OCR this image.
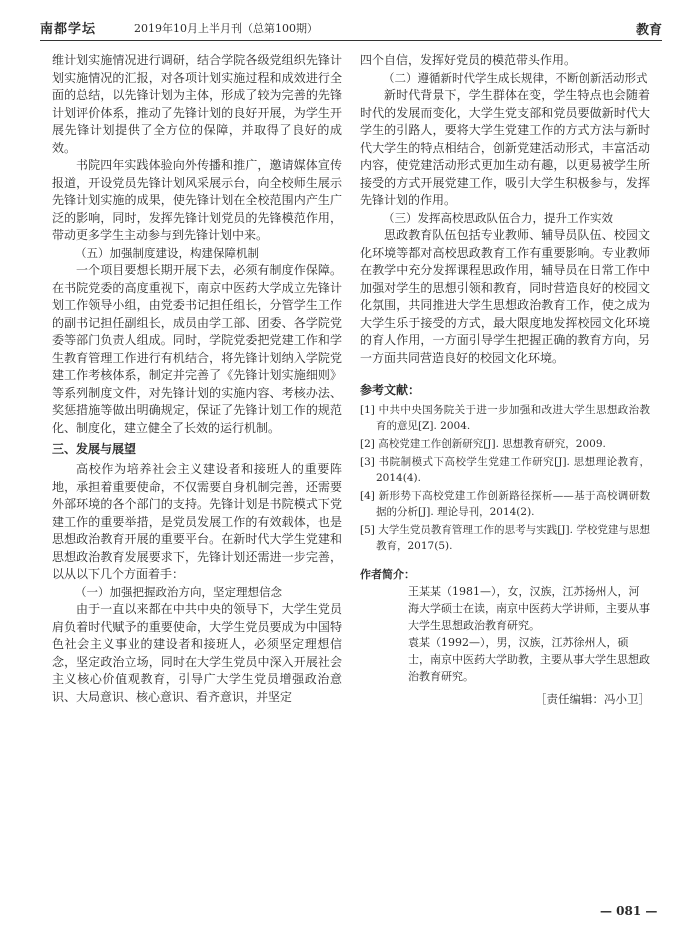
南都学坛	2019年10月上半月刊（总第100期）	教育

维计划实施情况进行调研，结合学院各级党组织先锋计划实施情况的汇报，对各项计划实施过程和成效进行全面的总结，以先锋计划为主体，形成了较为完善的先锋计划评价体系，推动了先锋计划的良好开展，为学生开展先锋计划提供了全方位的保障，并取得了良好的成效。

书院四年实践体验向外传播和推广，邀请媒体宣传报道，开设党员先锋计划风采展示台，向全校师生展示先锋计划实施的成果，使先锋计划在全校范围内产生广泛的影响，同时，发挥先锋计划党员的先锋模范作用，带动更多学生主动参与到先锋计划中来。

（五）加强制度建设，构建保障机制

一个项目要想长期开展下去，必须有制度作保障。在书院党委的高度重视下，南京中医药大学成立先锋计划工作领导小组，由党委书记担任组长，分管学生工作的副书记担任副组长，成员由学工部、团委、各学院党委等部门负责人组成。同时，学院党委把党建工作和学生教育管理工作进行有机结合，将先锋计划纳入学院党建工作考核体系，制定并完善了《先锋计划实施细则》等系列制度文件，对先锋计划的实施内容、考核办法、奖惩措施等做出明确规定，保证了先锋计划工作的规范化、制度化，建立健全了长效的运行机制。

三、发展与展望

高校作为培养社会主义建设者和接班人的重要阵地，承担着重要使命，不仅需要自身机制完善，还需要外部环境的各个部门的支持。先锋计划是书院模式下党建工作的重要举措，是党员发展工作的有效载体，也是思想政治教育开展的重要平台。在新时代大学生党建和思想政治教育发展要求下，先锋计划还需进一步完善，以从以下几个方面着手：

（一）加强把握政治方向，坚定理想信念

由于一直以来都在中共中央的领导下，大学生党员肩负着时代赋予的重要使命，大学生党员要成为中国特色社会主义事业的建设者和接班人，必须坚定理想信念，坚定政治立场，同时在大学生党员中深入开展社会主义核心价值观教育，引导广大学生党员增强政治意识、大局意识、核心意识、看齐意识，并坚定

四个自信，发挥好党员的模范带头作用。

（二）遵循新时代学生成长规律，不断创新活动形式

新时代背景下，学生群体在变，学生特点也会随着时代的发展而变化，大学生党支部和党员要做新时代大学生的引路人，要将大学生党建工作的方式方法与新时代大学生的特点相结合，创新党建活动形式，丰富活动内容，使党建活动形式更加生动有趣，以更易被学生所接受的方式开展党建工作，吸引大学生积极参与，发挥先锋计划的作用。

（三）发挥高校思政队伍合力，提升工作实效

思政教育队伍包括专业教师、辅导员队伍、校园文化环境等都对高校思政教育工作有重要影响。专业教师在教学中充分发挥课程思政作用，辅导员在日常工作中加强对学生的思想引领和教育，同时营造良好的校园文化氛围，共同推进大学生思想政治教育工作，使之成为大学生乐于接受的方式，最大限度地发挥校园文化环境的育人作用，一方面引导学生把握正确的教育方向，另一方面共同营造良好的校园文化环境。

参考文献：

[1] 中共中央国务院关于进一步加强和改进大学生思想政治教育的意见[Z]. 2004.

[2] 高校党建工作创新研究[J]. 思想教育研究，2009.

[3] 书院制模式下高校学生党建工作研究[J]. 思想理论教育，2014(4).

[4] 新形势下高校党建工作创新路径探析——基于高校调研数据的分析[J]. 理论导刊，2014(2).

[5] 大学生党员教育管理工作的思考与实践[J]. 学校党建与思想教育，2017(5).

作者简介：
王某某（1981—），女，汉族，江苏扬州人，河海大学硕士在读，南京中医药大学讲师，主要从事大学生思想政治教育研究。
袁某（1992—），男，汉族，江苏徐州人，硕士，南京中医药大学助教，主要从事大学生思想政治教育研究。
［责任编辑：冯小卫］
— 081 —
